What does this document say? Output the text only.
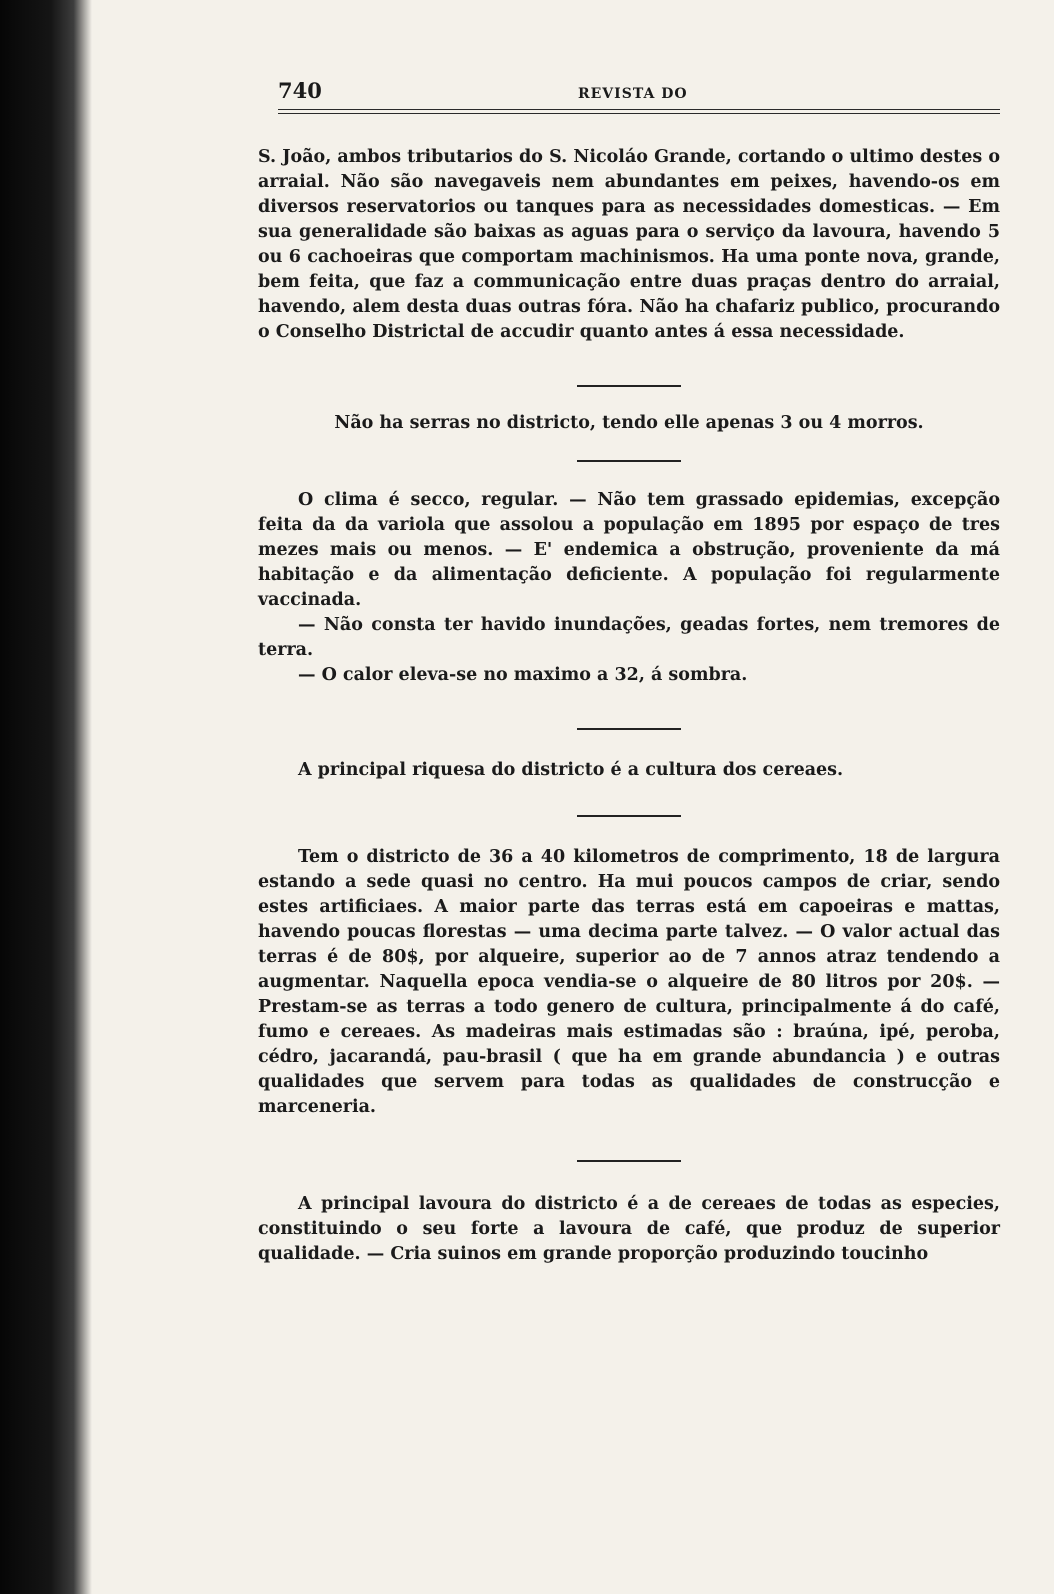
740	REVISTA DO

S. João, ambos tributarios do S. Nicoláo Grande, cortando o ultimo destes o arraial. Não são navegaveis nem abundantes em peixes, havendo-os em diversos reservatorios ou tanques para as necessidades domesticas. — Em sua generalidade são baixas as aguas para o serviço da lavoura, havendo 5 ou 6 cachoeiras que comportam machinismos. Ha uma ponte nova, grande, bem feita, que faz a communicação entre duas praças dentro do arraial, havendo, alem desta duas outras fóra. Não ha chafariz publico, procurando o Conselho Districtal de accudir quanto antes á essa necessidade.

Não ha serras no districto, tendo elle apenas 3 ou 4 morros.

O clima é secco, regular. — Não tem grassado epidemias, excepção feita da da variola que assolou a população em 1895 por espaço de tres mezes mais ou menos. — E' endemica a obstrução, proveniente da má habitação e da alimentação deficiente. A população foi regularmente vaccinada.

— Não consta ter havido inundações, geadas fortes, nem tremores de terra.

— O calor eleva-se no maximo a 32, á sombra.

A principal riquesa do districto é a cultura dos cereaes.

Tem o districto de 36 a 40 kilometros de comprimento, 18 de largura estando a sede quasi no centro. Ha mui poucos campos de criar, sendo estes artificiaes. A maior parte das terras está em capoeiras e mattas, havendo poucas florestas — uma decima parte talvez. — O valor actual das terras é de 80$, por alqueire, superior ao de 7 annos atraz tendendo a augmentar. Naquella epoca vendia-se o alqueire de 80 litros por 20$. — Prestam-se as terras a todo genero de cultura, principalmente á do café, fumo e cereaes. As madeiras mais estimadas são : braúna, ipé, peroba, cédro, jacarandá, pau-brasil ( que ha em grande abundancia ) e outras qualidades que servem para todas as qualidades de construcção e marceneria.

A principal lavoura do districto é a de cereaes de todas as especies, constituindo o seu forte a lavoura de café, que produz de superior qualidade. — Cria suinos em grande proporção produzindo toucinho
